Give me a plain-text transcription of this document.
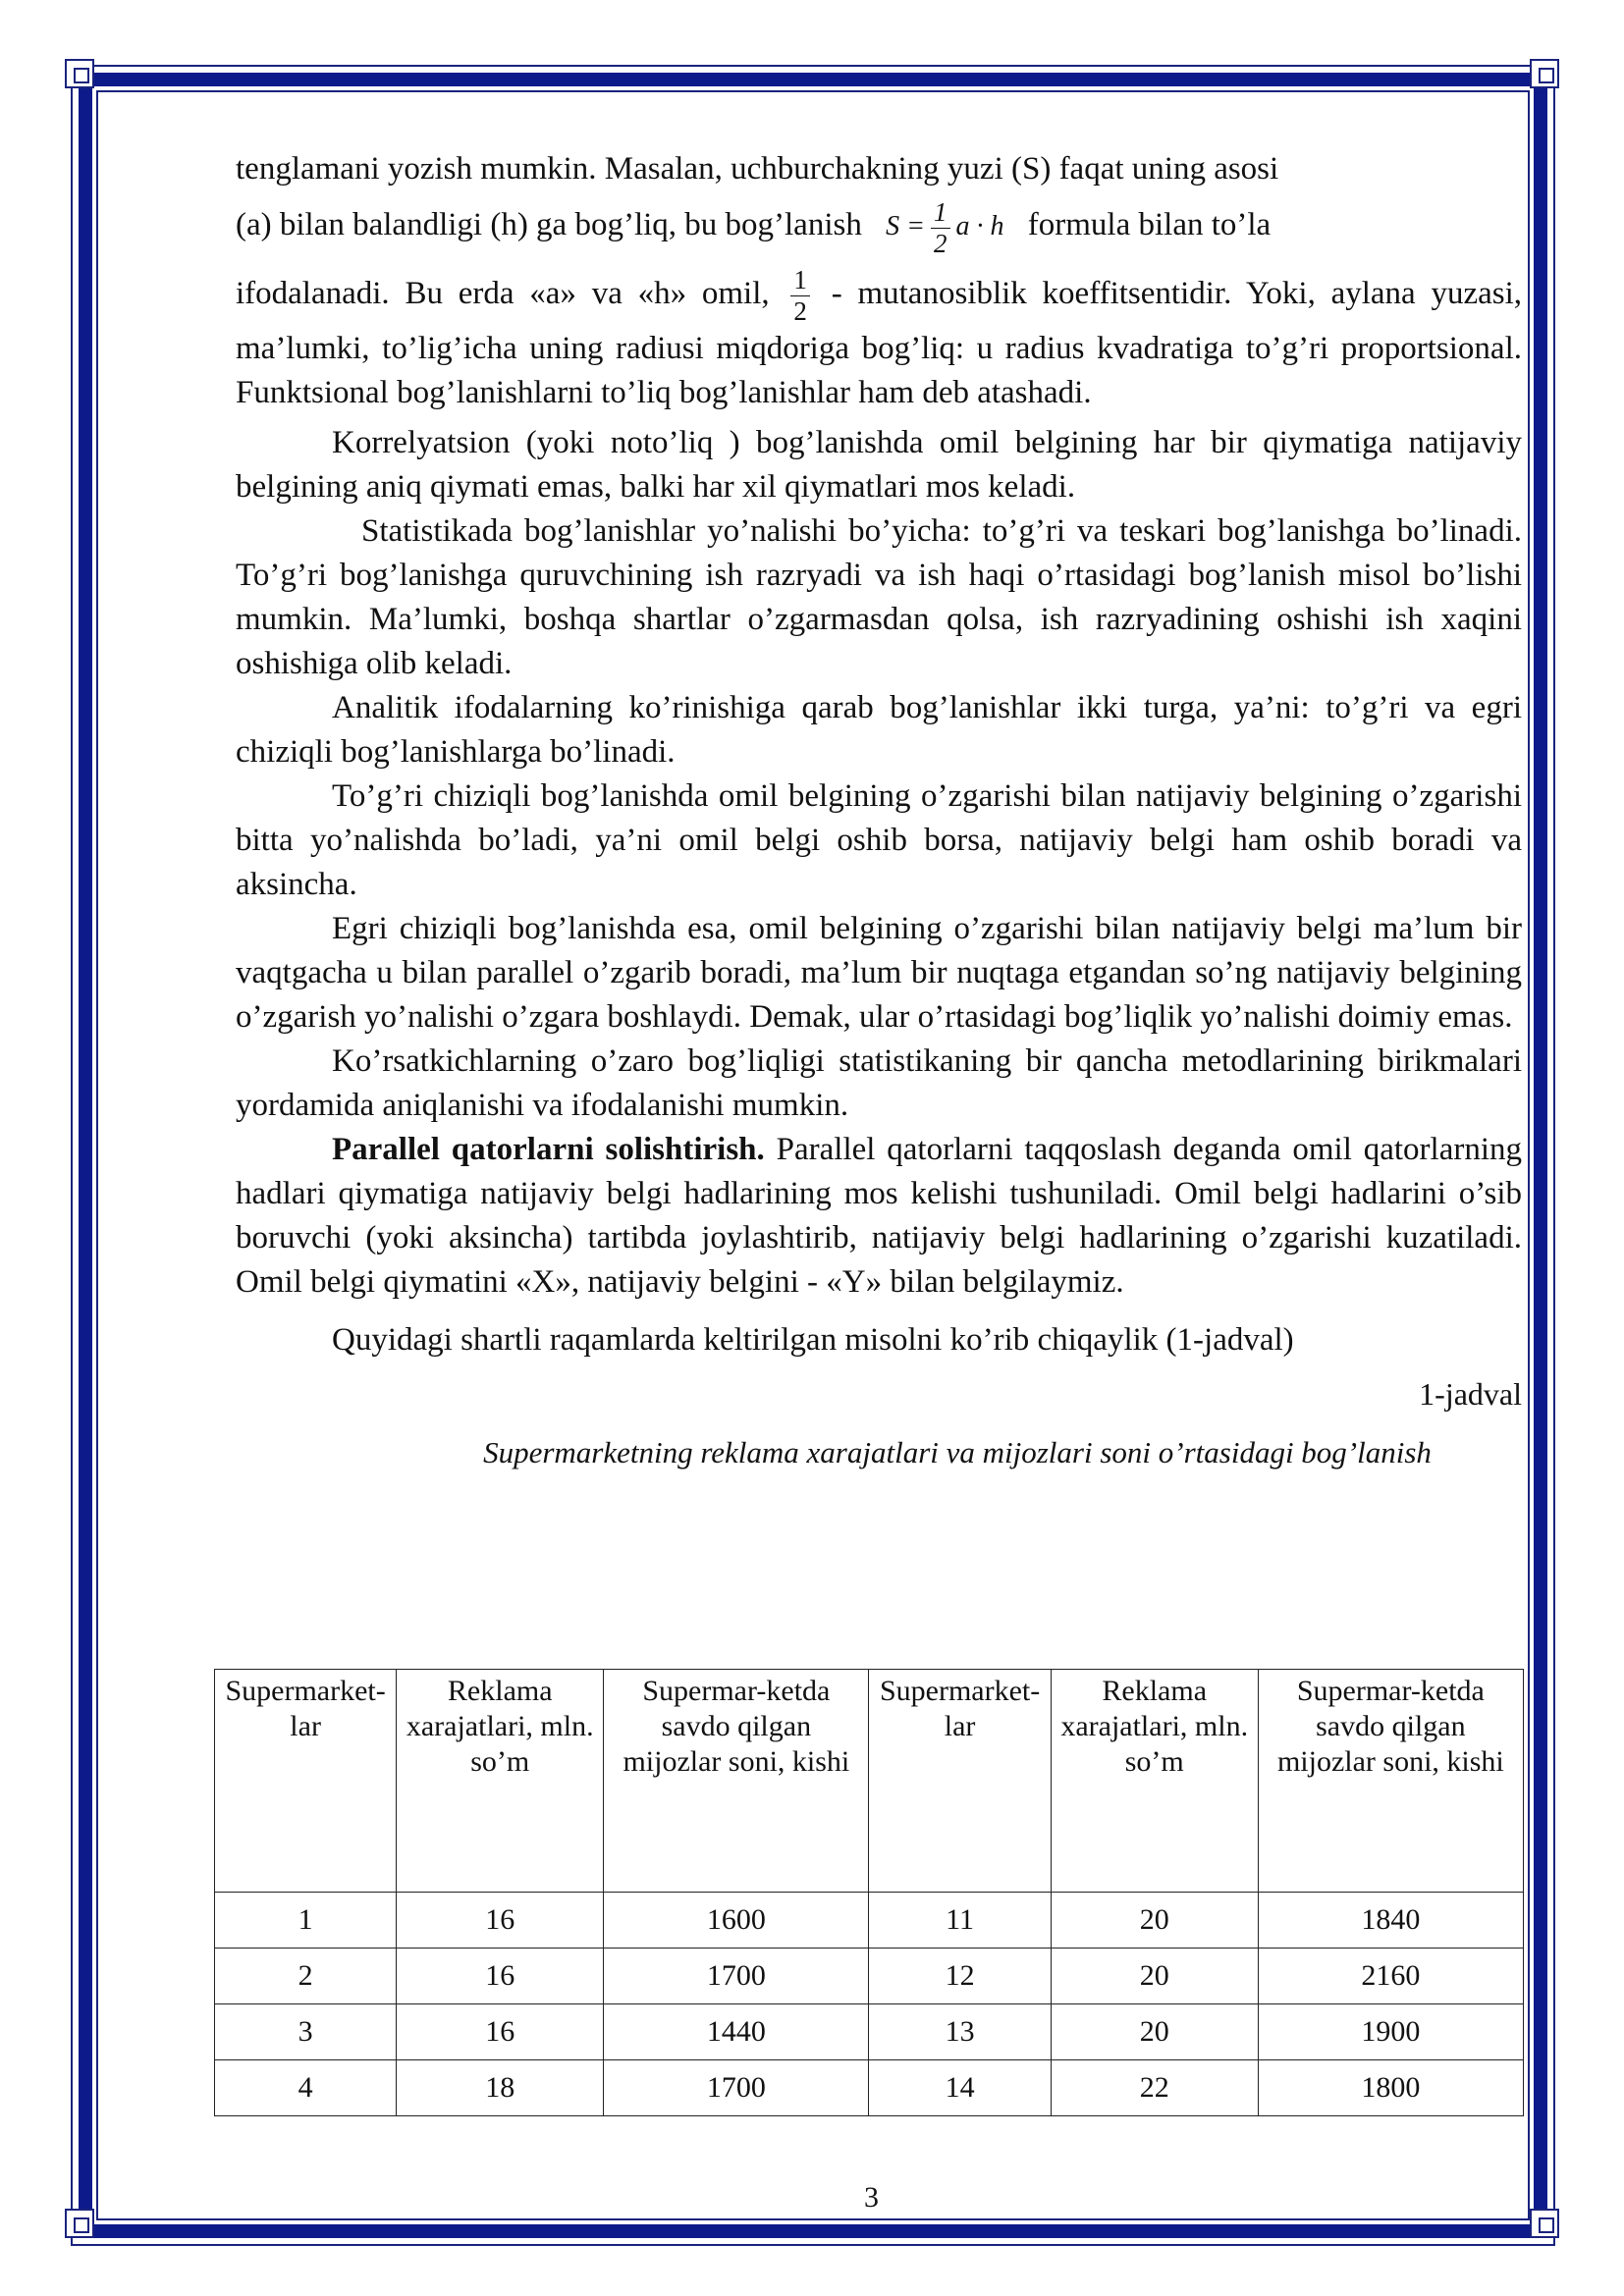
tenglamani yozish mumkin. Masalan, uchburchakning yuzi (S) faqat uning asosi

(a) bilan balandligi (h) ga bog’liq, bu bog’lanish $S = \frac{1}{2}$ a · h formula bilan to’la

ifodalanadi. Bu erda «a» va «h» omil, $\frac{1}{2}$ - mutanosiblik koeffitsentidir. Yoki, aylana yuzasi, ma’lumki, to’lig’icha uning radiusi miqdoriga bog’liq: u radius kvadratiga to’g’ri proportsional. Funktsional bog’lanishlarni to’liq bog’lanishlar ham deb atashadi.

Korrelyatsion (yoki noto’liq ) bog’lanishda omil belgining har bir qiymatiga natijaviy belgining aniq qiymati emas, balki har xil qiymatlari mos keladi.

Statistikada bog’lanishlar yo’nalishi bo’yicha: to’g’ri va teskari bog’lanishga bo’linadi. To’g’ri bog’lanishga quruvchining ish razryadi va ish haqi o’rtasidagi bog’lanish misol bo’lishi mumkin. Ma’lumki, boshqa shartlar o’zgarmasdan qolsa, ish razryadining oshishi ish xaqini oshishiga olib keladi.

Analitik ifodalarning ko’rinishiga qarab bog’lanishlar ikki turga, ya’ni: to’g’ri va egri chiziqli bog’lanishlarga bo’linadi.

To’g’ri chiziqli bog’lanishda omil belgining o’zgarishi bilan natijaviy belgining o’zgarishi bitta yo’nalishda bo’ladi, ya’ni omil belgi oshib borsa, natijaviy belgi ham oshib boradi va aksincha.

Egri chiziqli bog’lanishda esa, omil belgining o’zgarishi bilan natijaviy belgi ma’lum bir vaqtgacha u bilan parallel o’zgarib boradi, ma’lum bir nuqtaga etgandan so’ng natijaviy belgining o’zgarish yo’nalishi o’zgara boshlaydi. Demak, ular o’rtasidagi bog’liqlik yo’nalishi doimiy emas.

Ko’rsatkichlarning o’zaro bog’liqligi statistikaning bir qancha metodlarining birikmalari yordamida aniqlanishi va ifodalanishi mumkin.

Parallel qatorlarni solishtirish. Parallel qatorlarni taqqoslash deganda omil qatorlarning hadlari qiymatiga natijaviy belgi hadlarining mos kelishi tushuniladi. Omil belgi hadlarini o’sib boruvchi (yoki aksincha) tartibda joylashtirib, natijaviy belgi hadlarining o’zgarishi kuzatiladi. Omil belgi qiymatini «X», natijaviy belgini - «Y» bilan belgilaymiz.

Quyidagi shartli raqamlarda keltirilgan misolni ko’rib chiqaylik (1-jadval)

1-jadval

Supermarketning reklama xarajatlari va mijozlari soni o’rtasidagi bog’lanish

Supermarket-lar	Reklama xarajatlari, mln. so’m	Supermar-ketda savdo qilgan mijozlar soni, kishi	Supermarket-lar	Reklama xarajatlari, mln. so’m	Supermar-ketda savdo qilgan mijozlar soni, kishi
1	16	1600	11	20	1840
2	16	1700	12	20	2160
3	16	1440	13	20	1900
4	18	1700	14	22	1800
3
